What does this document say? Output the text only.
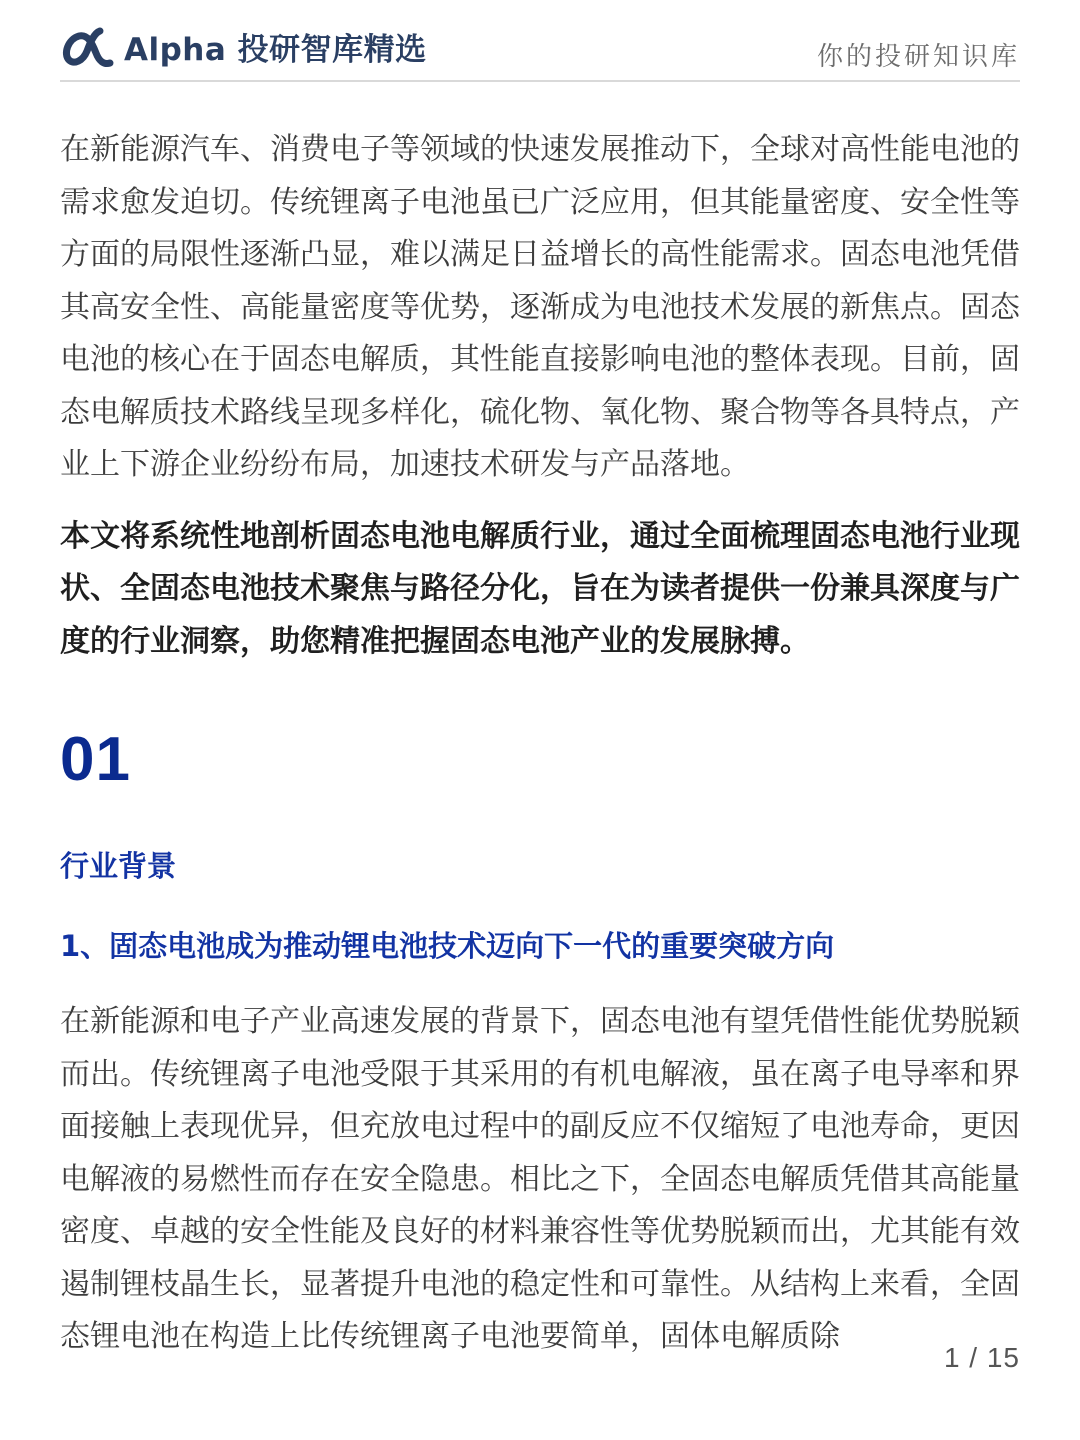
Alpha 投研智库精选	你的投研知识库

在新能源汽车、消费电子等领域的快速发展推动下，全球对高性能电池的需求愈发迫切。传统锂离子电池虽已广泛应用，但其能量密度、安全性等方面的局限性逐渐凸显，难以满足日益增长的高性能需求。固态电池凭借其高安全性、高能量密度等优势，逐渐成为电池技术发展的新焦点。固态电池的核心在于固态电解质，其性能直接影响电池的整体表现。目前，固态电解质技术路线呈现多样化，硫化物、氧化物、聚合物等各具特点，产业上下游企业纷纷布局，加速技术研发与产品落地。

本文将系统性地剖析固态电池电解质行业，通过全面梳理固态电池行业现状、全固态电池技术聚焦与路径分化，旨在为读者提供一份兼具深度与广度的行业洞察，助您精准把握固态电池产业的发展脉搏。

01
行业背景
1、固态电池成为推动锂电池技术迈向下一代的重要突破方向

在新能源和电子产业高速发展的背景下，固态电池有望凭借性能优势脱颖而出。传统锂离子电池受限于其采用的有机电解液，虽在离子电导率和界面接触上表现优异，但充放电过程中的副反应不仅缩短了电池寿命，更因电解液的易燃性而存在安全隐患。相比之下，全固态电解质凭借其高能量密度、卓越的安全性能及良好的材料兼容性等优势脱颖而出，尤其能有效遏制锂枝晶生长，显著提升电池的稳定性和可靠性。从结构上来看，全固态锂电池在构造上比传统锂离子电池要简单，固体电解质除

1 / 15
